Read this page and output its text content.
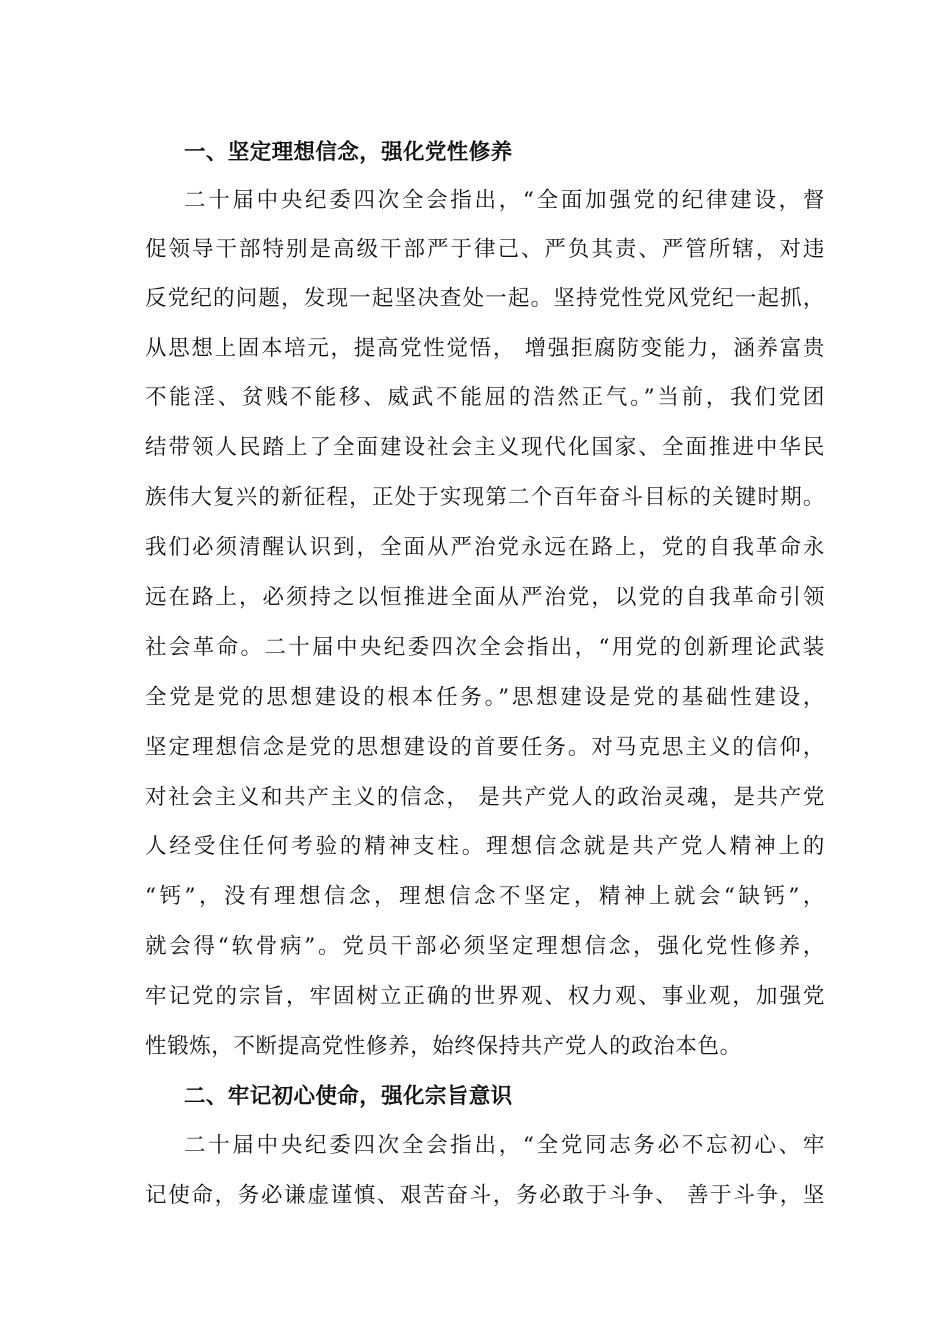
一、坚定理想信念，强化党性修养
二十届中央纪委四次全会指出，“全面加强党的纪律建设，督
促领导干部特别是高级干部严于律己、严负其责、严管所辖，对违
反党纪的问题，发现一起坚决查处一起。坚持党性党风党纪一起抓，
从思想上固本培元，提高党性觉悟， 增强拒腐防变能力，涵养富贵
不能淫、贫贱不能移、威武不能屈的浩然正气。”当前，我们党团
结带领人民踏上了全面建设社会主义现代化国家、全面推进中华民
族伟大复兴的新征程，正处于实现第二个百年奋斗目标的关键时期。
我们必须清醒认识到，全面从严治党永远在路上，党的自我革命永
远在路上，必须持之以恒推进全面从严治党，以党的自我革命引领
社会革命。二十届中央纪委四次全会指出，“用党的创新理论武装
全党是党的思想建设的根本任务。”思想建设是党的基础性建设，
坚定理想信念是党的思想建设的首要任务。对马克思主义的信仰，
对社会主义和共产主义的信念， 是共产党人的政治灵魂，是共产党
人经受住任何考验的精神支柱。理想信念就是共产党人精神上的
“钙”，没有理想信念，理想信念不坚定，精神上就会“缺钙”，
就会得“软骨病”。党员干部必须坚定理想信念，强化党性修养，
牢记党的宗旨，牢固树立正确的世界观、权力观、事业观，加强党
性锻炼，不断提高党性修养，始终保持共产党人的政治本色。
二、牢记初心使命，强化宗旨意识
二十届中央纪委四次全会指出，“全党同志务必不忘初心、牢
记使命，务必谦虚谨慎、艰苦奋斗，务必敢于斗争、 善于斗争，坚
